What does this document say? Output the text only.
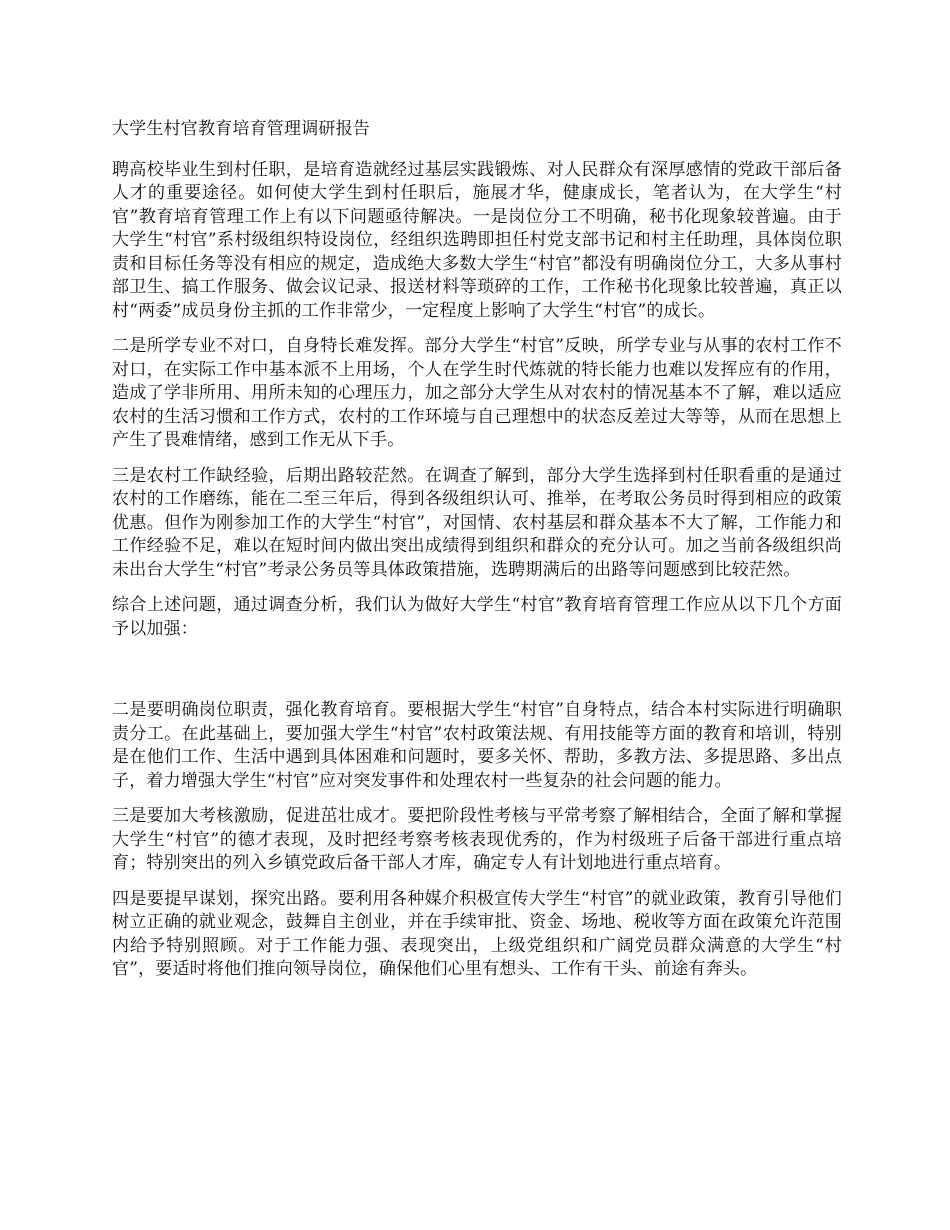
大学生村官教育培育管理调研报告

聘高校毕业生到村任职，是培育造就经过基层实践锻炼、对人民群众有深厚感情的党政干部后备人才的重要途径。如何使大学生到村任职后，施展才华，健康成长，笔者认为，在大学生“村官”教育培育管理工作上有以下问题亟待解决。一是岗位分工不明确，秘书化现象较普遍。由于大学生“村官”系村级组织特设岗位，经组织选聘即担任村党支部书记和村主任助理，具体岗位职责和目标任务等没有相应的规定，造成绝大多数大学生“村官”都没有明确岗位分工，大多从事村部卫生、搞工作服务、做会议记录、报送材料等琐碎的工作，工作秘书化现象比较普遍，真正以村“两委”成员身份主抓的工作非常少，一定程度上影响了大学生“村官”的成长。

二是所学专业不对口，自身特长难发挥。部分大学生“村官”反映，所学专业与从事的农村工作不对口，在实际工作中基本派不上用场，个人在学生时代炼就的特长能力也难以发挥应有的作用，造成了学非所用、用所未知的心理压力，加之部分大学生从对农村的情况基本不了解，难以适应农村的生活习惯和工作方式，农村的工作环境与自己理想中的状态反差过大等等，从而在思想上产生了畏难情绪，感到工作无从下手。

三是农村工作缺经验，后期出路较茫然。在调查了解到，部分大学生选择到村任职看重的是通过农村的工作磨练，能在二至三年后，得到各级组织认可、推举，在考取公务员时得到相应的政策优惠。但作为刚参加工作的大学生“村官”，对国情、农村基层和群众基本不大了解，工作能力和工作经验不足，难以在短时间内做出突出成绩得到组织和群众的充分认可。加之当前各级组织尚未出台大学生“村官”考录公务员等具体政策措施，选聘期满后的出路等问题感到比较茫然。

综合上述问题，通过调查分析，我们认为做好大学生“村官”教育培育管理工作应从以下几个方面予以加强：

二是要明确岗位职责，强化教育培育。要根据大学生“村官”自身特点，结合本村实际进行明确职责分工。在此基础上，要加强大学生“村官”农村政策法规、有用技能等方面的教育和培训，特别是在他们工作、生活中遇到具体困难和问题时，要多关怀、帮助，多教方法、多提思路、多出点子，着力增强大学生“村官”应对突发事件和处理农村一些复杂的社会问题的能力。

三是要加大考核激励，促进茁壮成才。要把阶段性考核与平常考察了解相结合，全面了解和掌握大学生“村官”的德才表现，及时把经考察考核表现优秀的，作为村级班子后备干部进行重点培育；特别突出的列入乡镇党政后备干部人才库，确定专人有计划地进行重点培育。

四是要提早谋划，探究出路。要利用各种媒介积极宣传大学生“村官”的就业政策，教育引导他们树立正确的就业观念，鼓舞自主创业，并在手续审批、资金、场地、税收等方面在政策允许范围内给予特别照顾。对于工作能力强、表现突出，上级党组织和广阔党员群众满意的大学生“村官”，要适时将他们推向领导岗位，确保他们心里有想头、工作有干头、前途有奔头。
